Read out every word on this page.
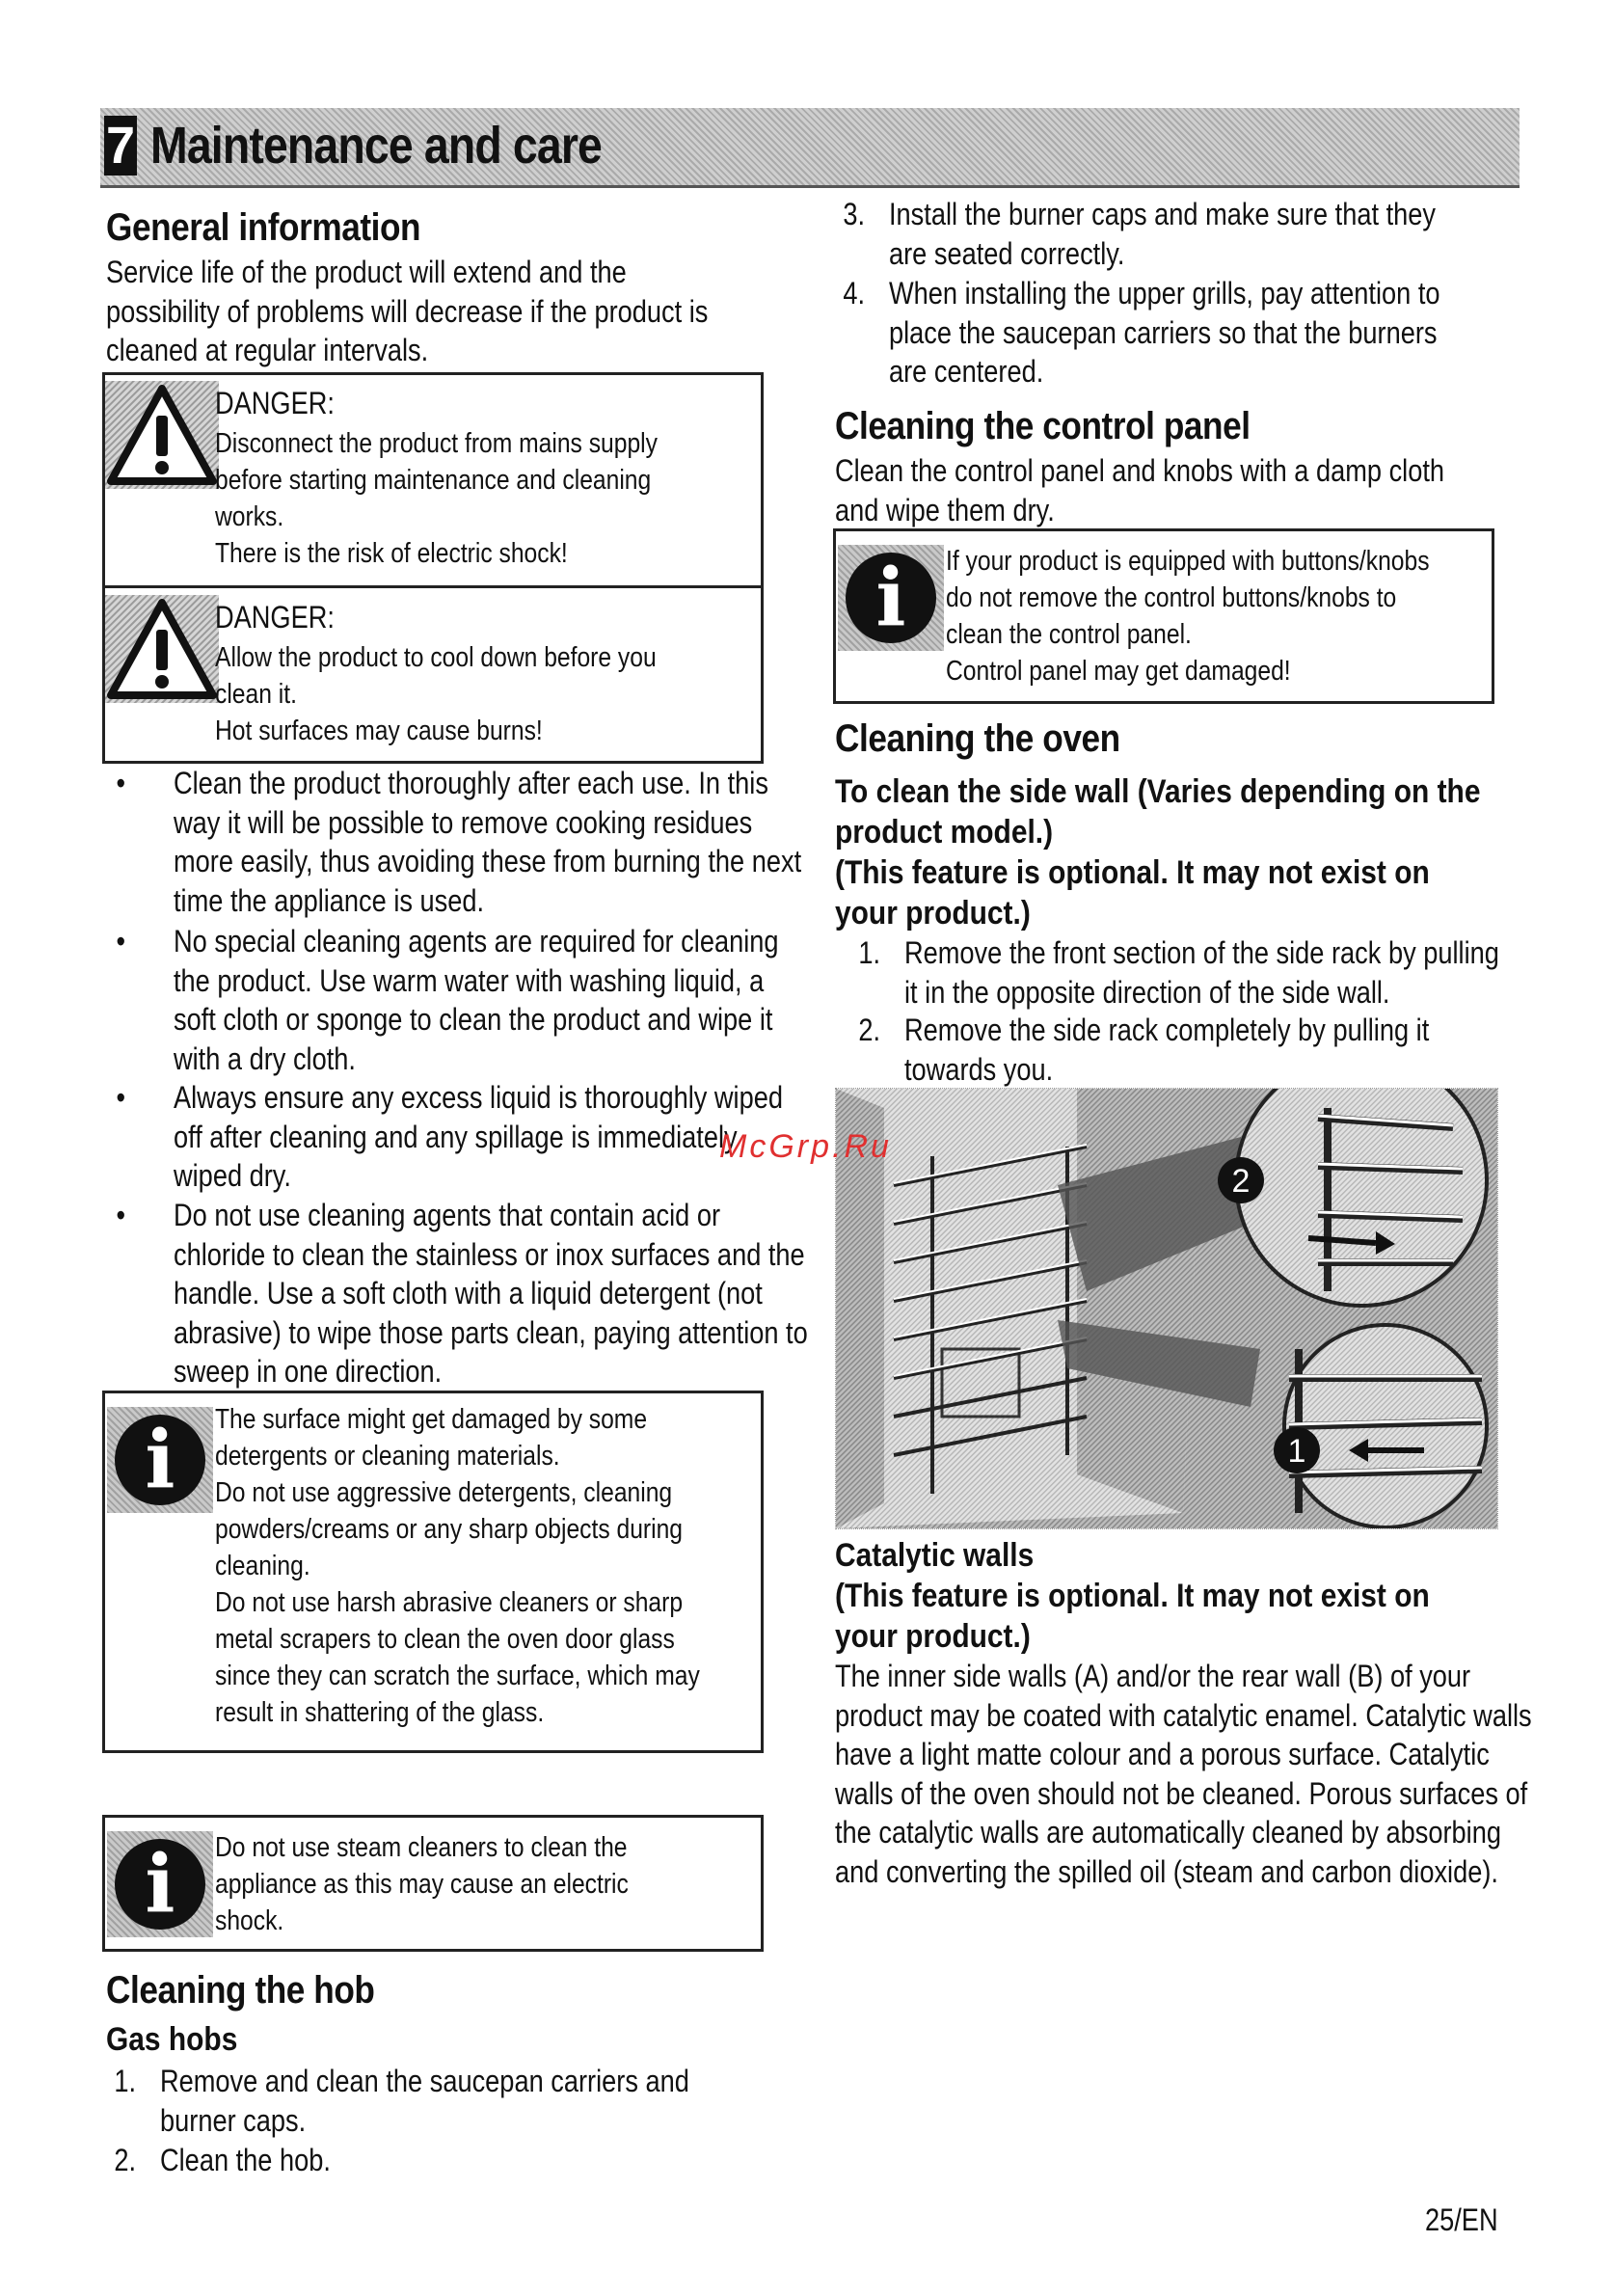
7 Maintenance and care
General information
Service life of the product will extend and the possibility of problems will decrease if the product is cleaned at regular intervals.
DANGER:
Disconnect the product from mains supply before starting maintenance and cleaning works.
There is the risk of electric shock!
DANGER:
Allow the product to cool down before you clean it.
Hot surfaces may cause burns!
• Clean the product thoroughly after each use. In this way it will be possible to remove cooking residues more easily, thus avoiding these from burning the next time the appliance is used.
• No special cleaning agents are required for cleaning the product. Use warm water with washing liquid, a soft cloth or sponge to clean the product and wipe it with a dry cloth.
• Always ensure any excess liquid is thoroughly wiped off after cleaning and any spillage is immediately wiped dry.
• Do not use cleaning agents that contain acid or chloride to clean the stainless or inox surfaces and the handle. Use a soft cloth with a liquid detergent (not abrasive) to wipe those parts clean, paying attention to sweep in one direction.
i	The surface might get damaged by some detergents or cleaning materials.
Do not use aggressive detergents, cleaning powders/creams or any sharp objects during cleaning.
Do not use harsh abrasive cleaners or sharp metal scrapers to clean the oven door glass since they can scratch the surface, which may result in shattering of the glass.
i	Do not use steam cleaners to clean the appliance as this may cause an electric shock.
Cleaning the hob
Gas hobs
1. Remove and clean the saucepan carriers and burner caps.
2. Clean the hob.
3. Install the burner caps and make sure that they are seated correctly.
4. When installing the upper grills, pay attention to place the saucepan carriers so that the burners are centered.
Cleaning the control panel
Clean the control panel and knobs with a damp cloth and wipe them dry.
i	If your product is equipped with buttons/knobs do not remove the control buttons/knobs to clean the control panel.
Control panel may get damaged!
Cleaning the oven
To clean the side wall (Varies depending on the product model.)
(This feature is optional. It may not exist on your product.)
1. Remove the front section of the side rack by pulling it in the opposite direction of the side wall.
2. Remove the side rack completely by pulling it towards you.
2
1
McGrp.Ru
Catalytic walls
(This feature is optional. It may not exist on your product.)
The inner side walls (A) and/or the rear wall (B) of your product may be coated with catalytic enamel. Catalytic walls have a light matte colour and a porous surface. Catalytic walls of the oven should not be cleaned. Porous surfaces of the catalytic walls are automatically cleaned by absorbing and converting the spilled oil (steam and carbon dioxide).
25/EN
